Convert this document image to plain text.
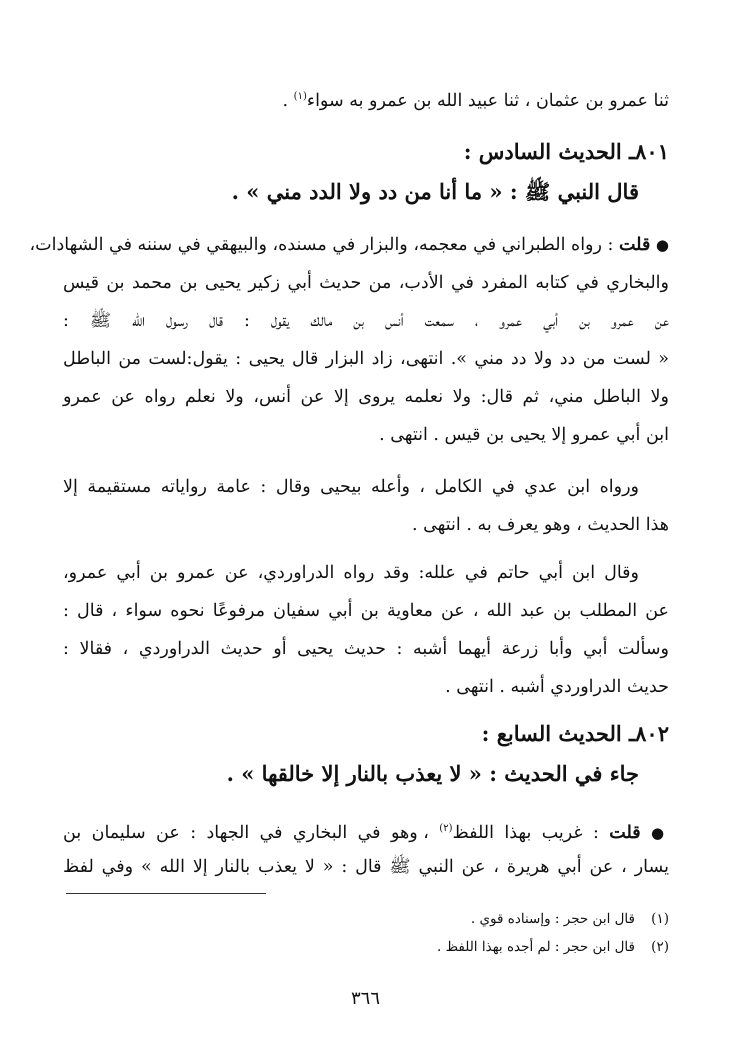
ثنا عمرو بن عثمان ، ثنا عبيد الله بن عمرو به سواء$^{(١)}$ .
٨٠١ـ الحديث السادس :
قال النبي ﷺ : « ما أنا من دد ولا الدد مني » .
● قلت : رواه الطبراني في معجمه، والبزار في مسنده، والبيهقي في سننه في الشهادات،
والبخاري في كتابه المفرد في الأدب، من حديث أبي زكير يحيى بن محمد بن قيس
عن عمرو بن أبي عمرو ، سمعت أنس بن مالك يقول : قال رسول الله ﷺ :
« لست من دد ولا دد مني ». انتهى، زاد البزار قال يحيى : يقول:لست من الباطل
ولا الباطل مني، ثم قال: ولا نعلمه يروى إلا عن أنس، ولا نعلم رواه عن عمرو
ابن أبي عمرو إلا يحيى بن قيس . انتهى .
ورواه ابن عدي في الكامل ، وأعله بيحيى وقال : عامة رواياته مستقيمة إلا
هذا الحديث ، وهو يعرف به . انتهى .
وقال ابن أبي حاتم في علله: وقد رواه الدراوردي، عن عمرو بن أبي عمرو،
عن المطلب بن عبد الله ، عن معاوية بن أبي سفيان مرفوعًا نحوه سواء ، قال :
وسألت أبي وأبا زرعة أيهما أشبه : حديث يحيى أو حديث الدراوردي ، فقالا :
حديث الدراوردي أشبه . انتهى .
٨٠٢ـ الحديث السابع :
جاء في الحديث : « لا يعذب بالنار إلا خالقها » .
● قلت : غريب بهذا اللفظ$^{(٢)}$ ، وهو في البخاري في الجهاد : عن سليمان بن
يسار ، عن أبي هريرة ، عن النبي ﷺ قال : « لا يعذب بالنار إلا الله » وفي لفظ
(١)قال ابن حجر : وإسناده قوي .
(٢)قال ابن حجر : لم أجده بهذا اللفظ .
٣٦٦
